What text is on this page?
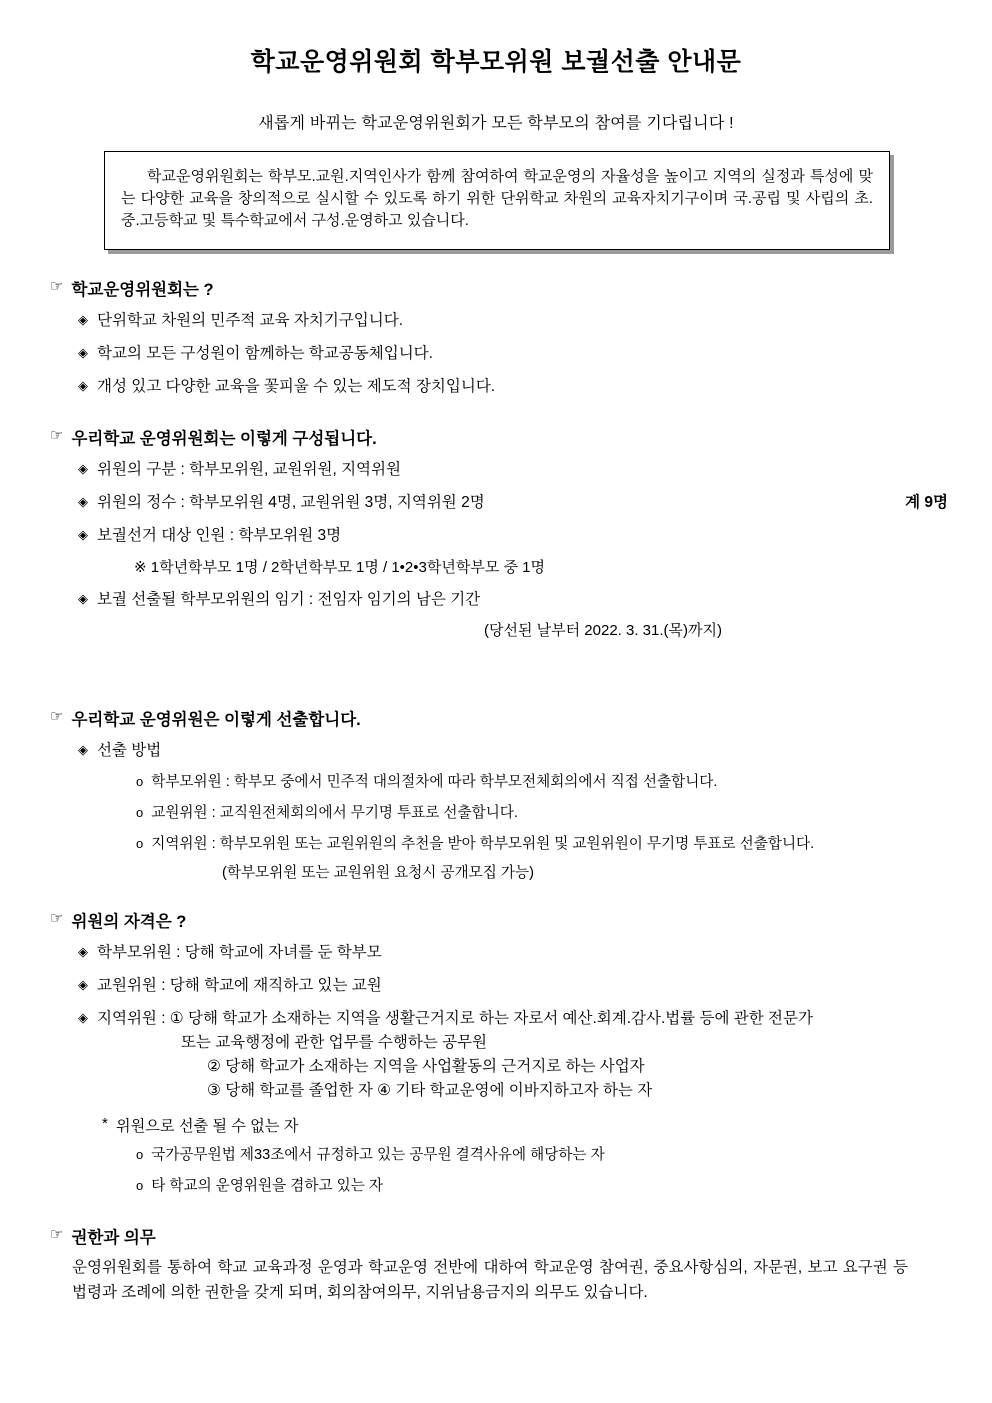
학교운영위원회 학부모위원 보궐선출 안내문
새롭게 바뀌는 학교운영위원회가 모든 학부모의 참여를 기다립니다 !

학교운영위원회는 학부모.교원.지역인사가 함께 참여하여 학교운영의 자율성을 높이고 지역의 실정과 특성에 맞는 다양한 교육을 창의적으로 실시할 수 있도록 하기 위한 단위학교 차원의 교육자치기구이며 국.공립 및 사립의 초.중.고등학교 및 특수학교에서 구성.운영하고 있습니다.

☞ 학교운영위원회는 ?
◈ 단위학교 차원의 민주적 교육 자치기구입니다.
◈ 학교의 모든 구성원이 함께하는 학교공동체입니다.
◈ 개성 있고 다양한 교육을 꽃피울 수 있는 제도적 장치입니다.
☞ 우리학교 운영위원회는 이렇게 구성됩니다.
◈ 위원의 구분 : 학부모위원, 교원위원, 지역위원
◈ 위원의 정수 : 학부모위원 4명, 교원위원 3명, 지역위원 2명	계 9명
◈ 보궐선거 대상 인원 : 학부모위원 3명
※ 1학년학부모 1명 / 2학년학부모 1명 / 1•2•3학년학부모 중 1명
◈ 보궐 선출될 학부모위원의 임기 : 전임자 임기의 남은 기간
(당선된 날부터 2022. 3. 31.(목)까지)
☞ 우리학교 운영위원은 이렇게 선출합니다.
◈ 선출 방법
o 학부모위원 : 학부모 중에서 민주적 대의절차에 따라 학부모전체회의에서 직접 선출합니다.
o 교원위원 : 교직원전체회의에서 무기명 투표로 선출합니다.
o 지역위원 : 학부모위원 또는 교원위원의 추천을 받아 학부모위원 및 교원위원이 무기명 투표로 선출합니다.
(학부모위원 또는 교원위원 요청시 공개모집 가능)
☞ 위원의 자격은 ?
◈ 학부모위원 : 당해 학교에 자녀를 둔 학부모
◈ 교원위원 : 당해 학교에 재직하고 있는 교원
◈ 지역위원 : ① 당해 학교가 소재하는 지역을 생활근거지로 하는 자로서 예산.회계.감사.법률 등에 관한 전문가
또는 교육행정에 관한 업무를 수행하는 공무원
② 당해 학교가 소재하는 지역을 사업활동의 근거지로 하는 사업자
③ 당해 학교를 졸업한 자 ④ 기타 학교운영에 이바지하고자 하는 자
* 위원으로 선출 될 수 없는 자
o 국가공무원법 제33조에서 규정하고 있는 공무원 결격사유에 해당하는 자
o 타 학교의 운영위원을 겸하고 있는 자
☞ 권한과 의무
운영위원회를 통하여 학교 교육과정 운영과 학교운영 전반에 대하여 학교운영 참여권, 중요사항심의, 자문권, 보고 요구권 등 법령과 조례에 의한 권한을 갖게 되며, 회의참여의무, 지위남용금지의 의무도 있습니다.
